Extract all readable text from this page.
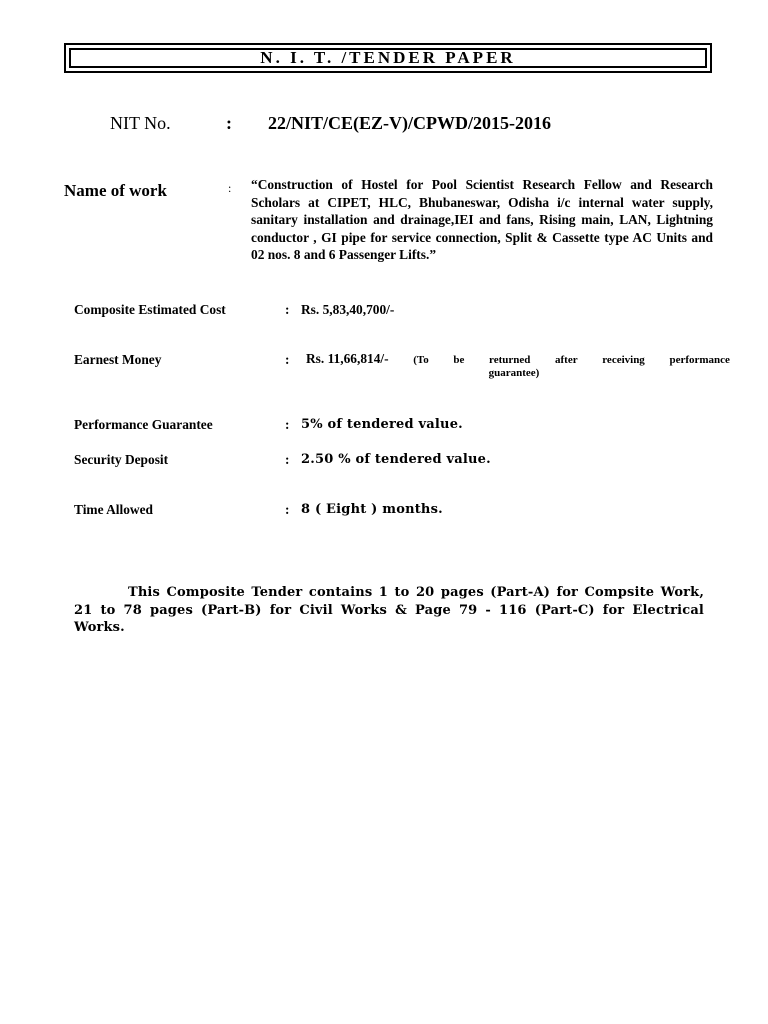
N. I. T. /TENDER PAPER
NIT No.	: 22/NIT/CE(EZ-V)/CPWD/2015-2016
Name of work	: “Construction of Hostel for Pool Scientist Research Fellow and Research Scholars at CIPET, HLC, Bhubaneswar, Odisha i/c internal water supply, sanitary installation and drainage,IEI and fans, Rising main, LAN, Lightning conductor , GI pipe for service connection, Split & Cassette type AC Units and 02 nos. 8 and 6 Passenger Lifts.”
Composite Estimated Cost	: Rs. 5,83,40,700/-
Earnest Money	: Rs. 11,66,814/- (To be returned after receiving performance
guarantee)
Performance Guarantee	: 5% of tendered value.
Security Deposit	: 2.50 % of tendered value.
Time Allowed	: 8 ( Eight ) months.
This Composite Tender contains 1 to 20 pages (Part-A) for Compsite Work, 21 to 78 pages (Part-B) for Civil Works & Page 79 - 116 (Part-C) for Electrical Works.
